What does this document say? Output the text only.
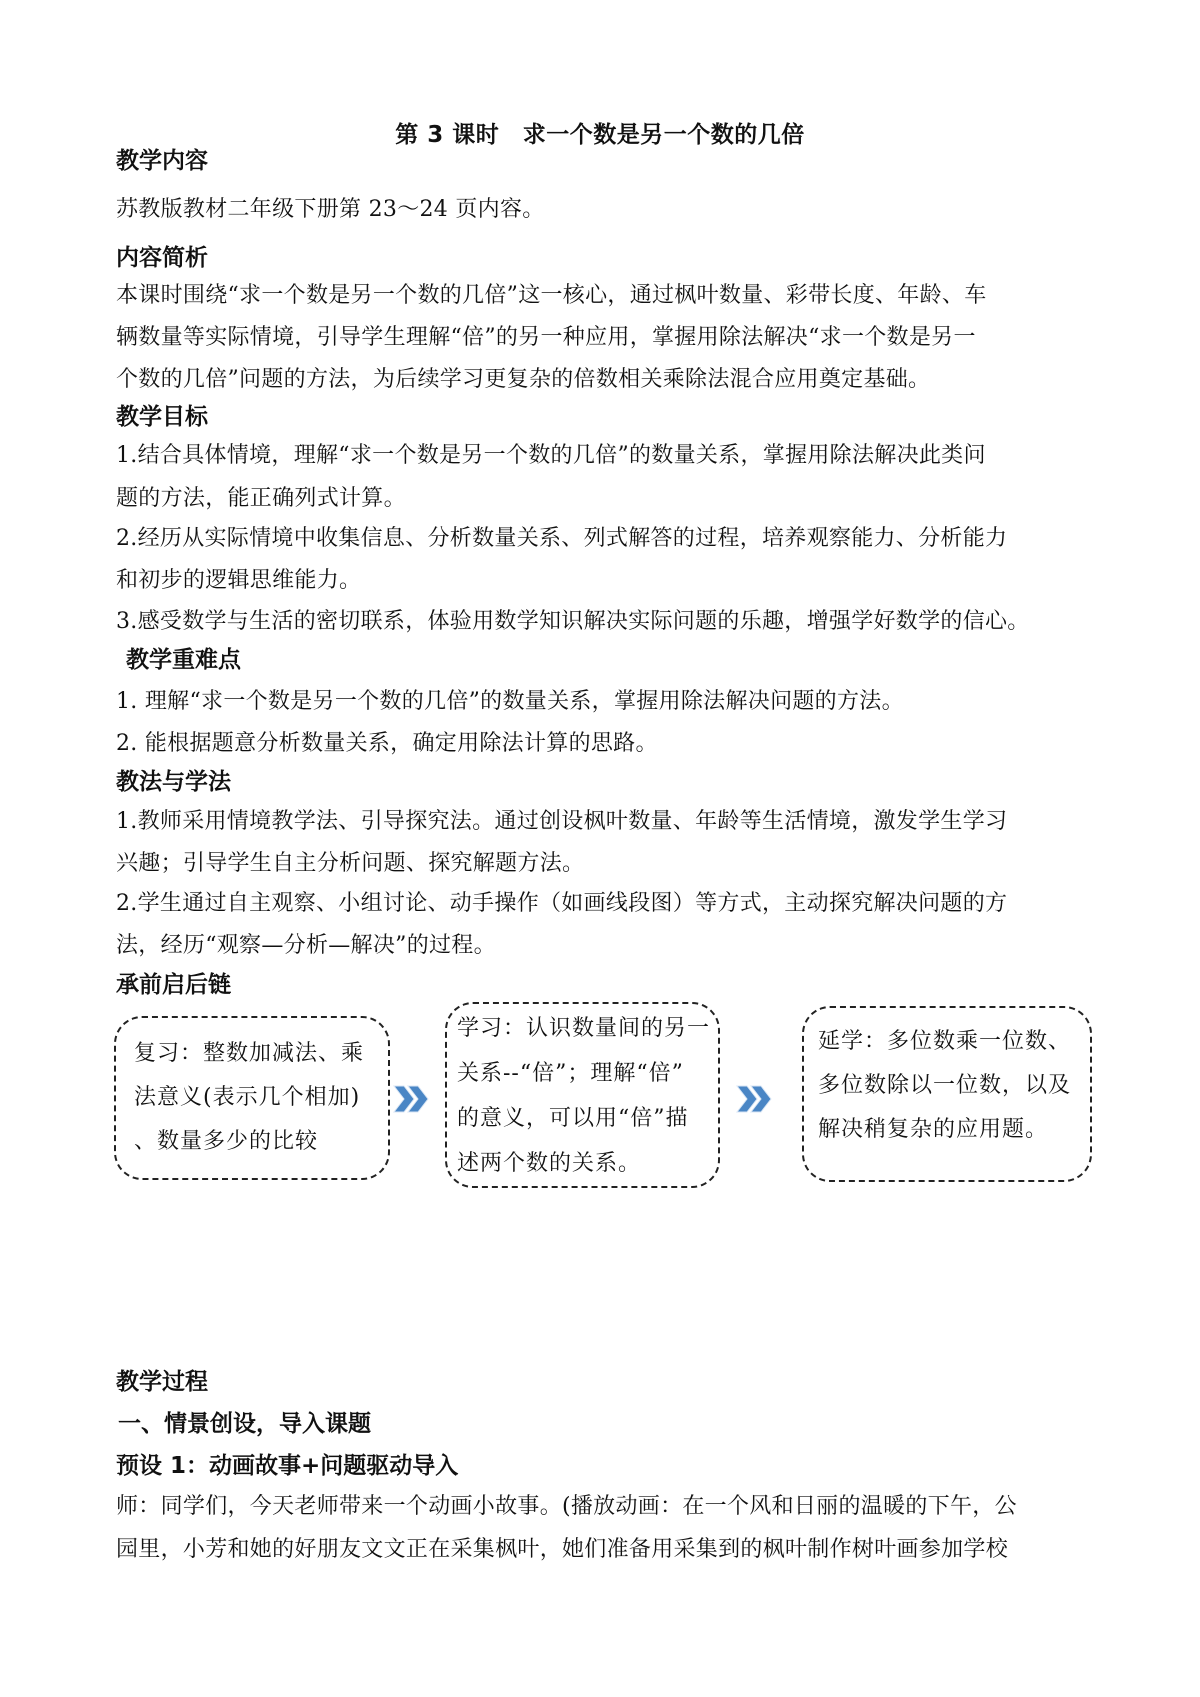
第 3 课时　求一个数是另一个数的几倍
教学内容
苏教版教材二年级下册第 23～24 页内容。
内容简析
本课时围绕“求一个数是另一个数的几倍”这一核心，通过枫叶数量、彩带长度、年龄、车
辆数量等实际情境，引导学生理解“倍”的另一种应用，掌握用除法解决“求一个数是另一
个数的几倍”问题的方法，为后续学习更复杂的倍数相关乘除法混合应用奠定基础。
教学目标
1.结合具体情境，理解“求一个数是另一个数的几倍”的数量关系，掌握用除法解决此类问
题的方法，能正确列式计算。
2.经历从实际情境中收集信息、分析数量关系、列式解答的过程，培养观察能力、分析能力
和初步的逻辑思维能力。
3.感受数学与生活的密切联系，体验用数学知识解决实际问题的乐趣，增强学好数学的信心。
教学重难点
1. 理解“求一个数是另一个数的几倍”的数量关系，掌握用除法解决问题的方法。
2. 能根据题意分析数量关系，确定用除法计算的思路。
教法与学法
1.教师采用情境教学法、引导探究法。通过创设枫叶数量、年龄等生活情境，激发学生学习
兴趣；引导学生自主分析问题、探究解题方法。
2.学生通过自主观察、小组讨论、动手操作（如画线段图）等方式，主动探究解决问题的方
法，经历“观察—分析—解决”的过程。
承前启后链
复习：整数加减法、乘
法意义(表示几个相加)
、数量多少的比较
学习：认识数量间的另一
关系--“倍”；理解“倍”
的意义，可以用“倍”描
述两个数的关系。
延学：多位数乘一位数、
多位数除以一位数，以及
解决稍复杂的应用题。
教学过程
一、情景创设，导入课题
预设 1：动画故事+问题驱动导入
师：同学们，今天老师带来一个动画小故事。(播放动画：在一个风和日丽的温暖的下午，公
园里，小芳和她的好朋友文文正在采集枫叶，她们准备用采集到的枫叶制作树叶画参加学校
